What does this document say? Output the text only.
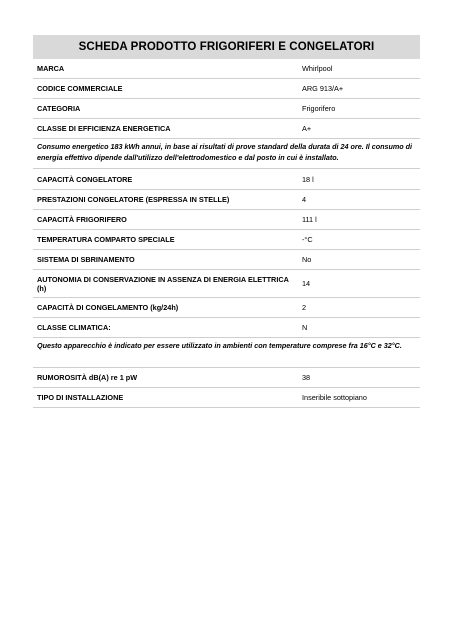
SCHEDA PRODOTTO FRIGORIFERI E CONGELATORI
MARCA	Whirlpool
CODICE COMMERCIALE	ARG 913/A+
CATEGORIA	Frigorifero
CLASSE DI EFFICIENZA ENERGETICA	A+
Consumo energetico 183 kWh annui, in base ai risultati di prove standard della durata di 24 ore. Il consumo di energia effettivo dipende dall'utilizzo dell'elettrodomestico e dal posto in cui è installato.
CAPACITÀ CONGELATORE	18 l
PRESTAZIONI CONGELATORE (ESPRESSA IN STELLE)	4
CAPACITÀ FRIGORIFERO	111 l
TEMPERATURA COMPARTO SPECIALE	-°C
SISTEMA DI SBRINAMENTO	No
AUTONOMIA DI CONSERVAZIONE IN ASSENZA DI ENERGIA ELETTRICA (h)	14
CAPACITÀ DI CONGELAMENTO (kg/24h)	2
CLASSE CLIMATICA:	N
Questo apparecchio è indicato per essere utilizzato in ambienti con temperature comprese fra 16°C e 32°C.
RUMOROSITÀ dB(A) re 1 pW	38
TIPO DI INSTALLAZIONE	Inseribile sottopiano
